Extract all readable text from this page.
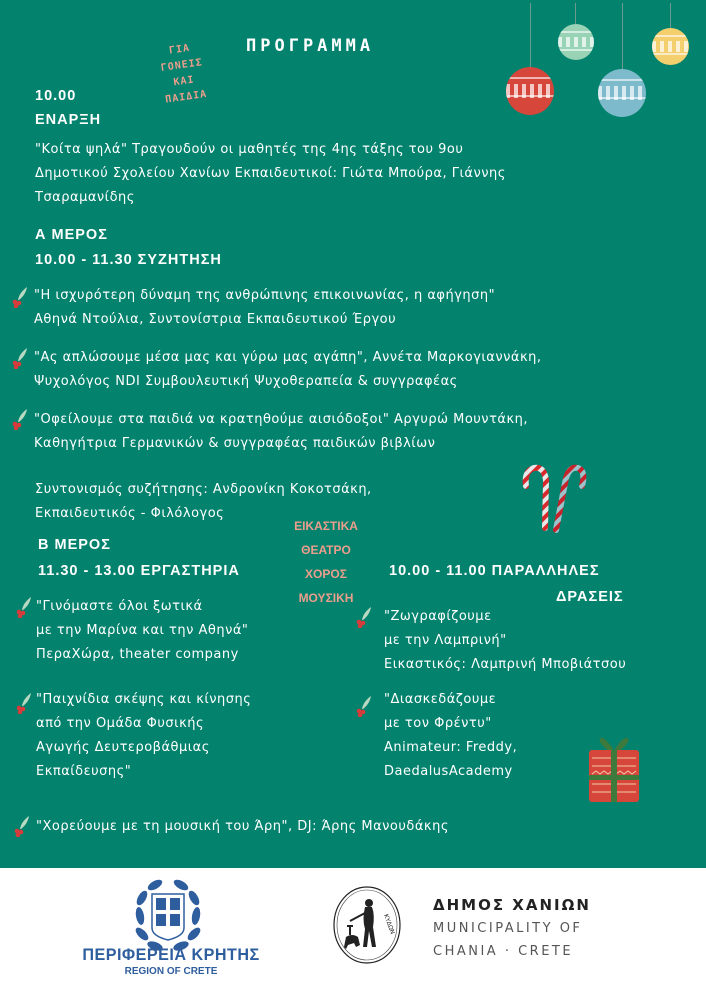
ΠΡΟΓΡΑΜΜΑ
ΓΙΑ
ΓΟΝΕΙΣ
ΚΑΙ
ΠΑΙΔΙΑ
10.00
ΕΝΑΡΞΗ
"Κοίτα ψηλά" Τραγουδούν οι μαθητές της 4ης τάξης του 9ου
Δημοτικού Σχολείου Χανίων Εκπαιδευτικοί: Γιώτα Μπούρα, Γιάννης
Τσαραμανίδης
Α ΜΕΡΟΣ
10.00 - 11.30 ΣΥΖΗΤΗΣΗ
"Η ισχυρότερη δύναμη της ανθρώπινης επικοινωνίας, η αφήγηση"
Αθηνά Ντούλια, Συντονίστρια Εκπαιδευτικού Έργου
"Ας απλώσουμε μέσα μας και γύρω μας αγάπη", Αννέτα Μαρκογιαννάκη,
Ψυχολόγος NDI Συμβουλευτική Ψυχοθεραπεία & συγγραφέας
"Οφείλουμε στα παιδιά να κρατηθούμε αισιόδοξοι" Αργυρώ Μουντάκη,
Καθηγήτρια Γερμανικών & συγγραφέας παιδικών βιβλίων
Συντονισμός συζήτησης: Ανδρονίκη Κοκοτσάκη,
Εκπαιδευτικός - Φιλόλογος
ΕΙΚΑΣΤΙΚΑ
ΘΕΑΤΡΟ
ΧΟΡΟΣ
ΜΟΥΣΙΚΗ
Β ΜΕΡΟΣ
11.30 - 13.00 ΕΡΓΑΣΤΗΡΙΑ
"Γινόμαστε όλοι ξωτικά
με την Μαρίνα και την Αθηνά"
ΠεραΧώρα, theater company
"Παιχνίδια σκέψης και κίνησης
από την Ομάδα Φυσικής
Αγωγής Δευτεροβάθμιας
Εκπαίδευσης"
10.00 - 11.00 ΠΑΡΑΛΛΗΛΕΣ
ΔΡΑΣΕΙΣ
"Ζωγραφίζουμε
με την Λαμπρινή"
Εικαστικός: Λαμπρινή Μποβιάτσου
"Διασκεδάζουμε
με τον Φρέντυ"
Animateur: Freddy,
DaedalusAcademy
"Χορεύουμε με τη μουσική του Άρη", DJ: Άρης Μανουδάκης
ΠΕΡΙΦΕΡΕΙΑ ΚΡΗΤΗΣ
REGION OF CRETE
ΚΥΔΩΝ
ΔΗΜΟΣ ΧΑΝΙΩΝ
MUNICIPALITY OF
CHANIA · CRETE
